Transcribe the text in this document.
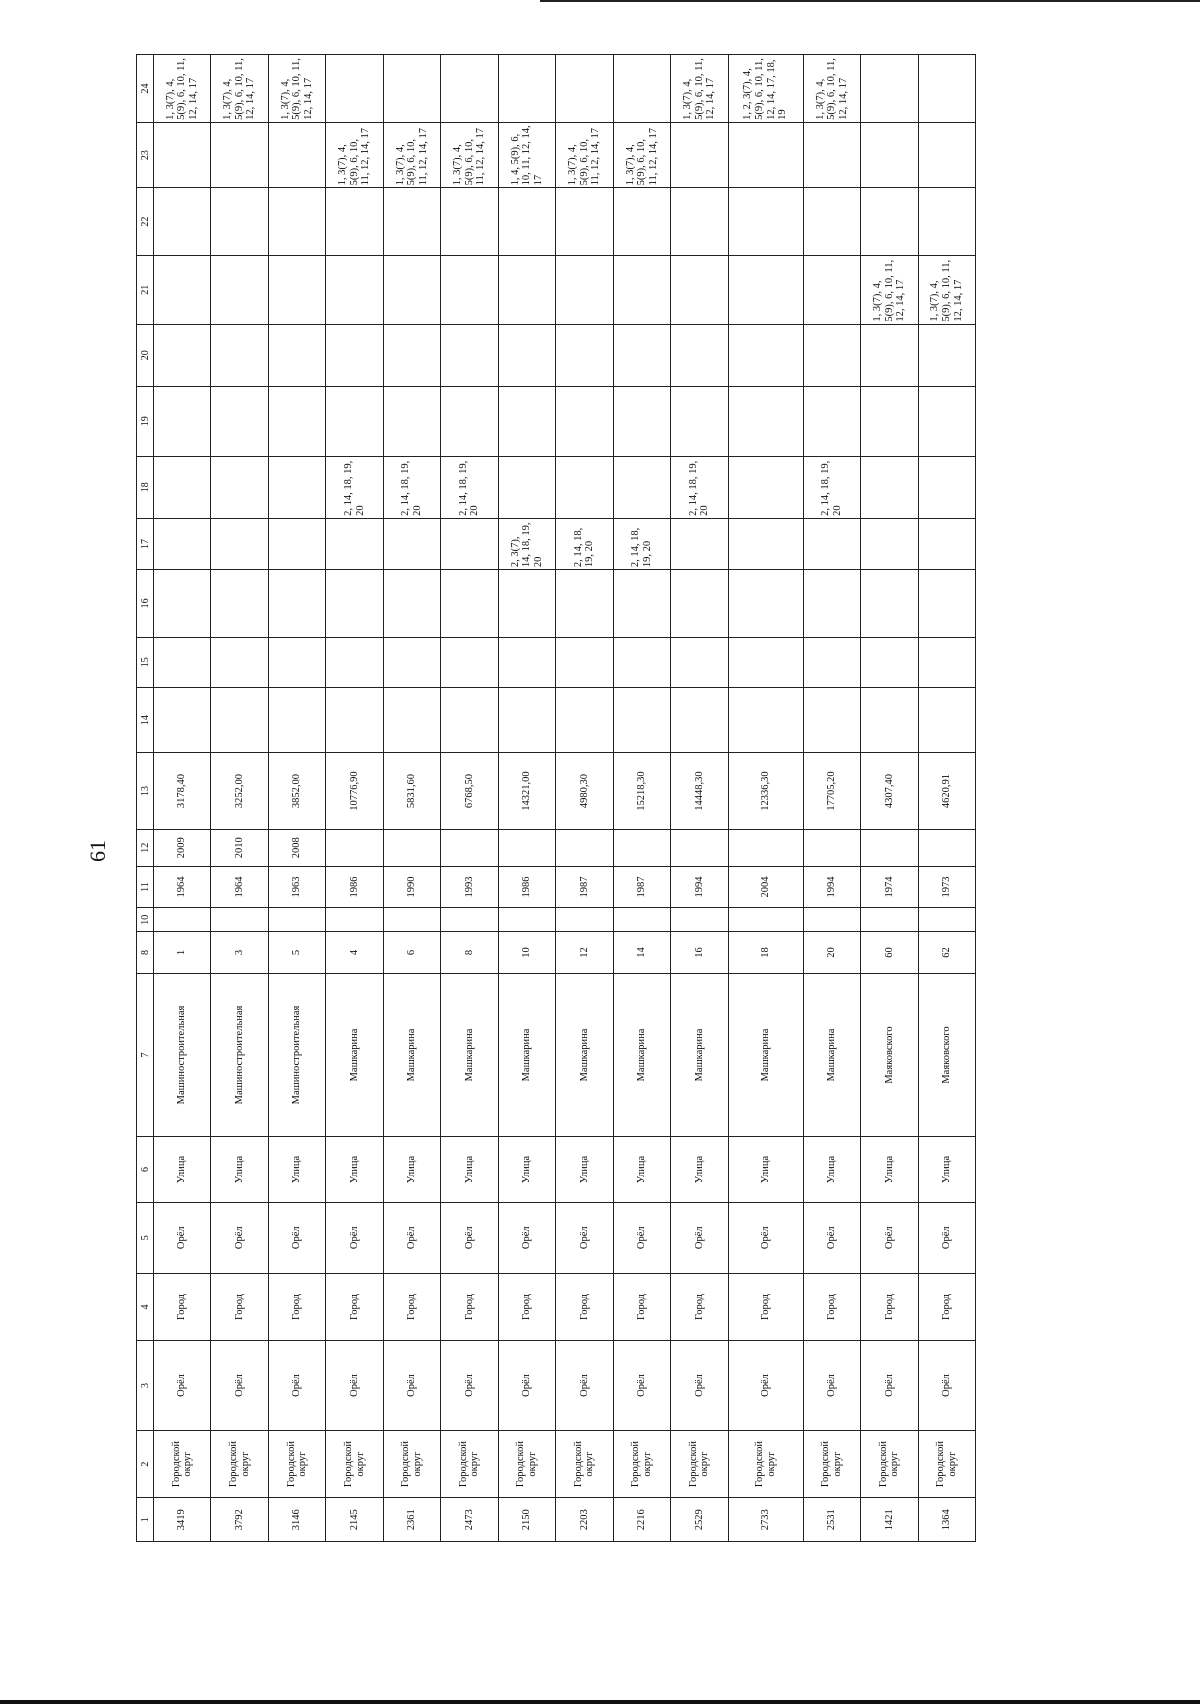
61
1	2	3	4	5	6	7	8	10	11	12	13	14	15	16	17	18	19	20	21	22	23	24
3419	Городской округ	Орёл	Город	Орёл	Улица	Машиностроительная	1		1964	2009	3178,40											1, 3(7), 4, 5(9), 6, 10, 11, 12, 14, 17
3792	Городской округ	Орёл	Город	Орёл	Улица	Машиностроительная	3		1964	2010	3252,00											1, 3(7), 4, 5(9), 6, 10, 11, 12, 14, 17
3146	Городской округ	Орёл	Город	Орёл	Улица	Машиностроительная	5		1963	2008	3852,00											1, 3(7), 4, 5(9), 6, 10, 11, 12, 14, 17
2145	Городской округ	Орёл	Город	Орёл	Улица	Машкарина	4		1986		10776,90					2, 14, 18, 19, 20					1, 3(7), 4, 5(9), 6, 10, 11, 12, 14, 17	
2361	Городской округ	Орёл	Город	Орёл	Улица	Машкарина	6		1990		5831,60					2, 14, 18, 19, 20					1, 3(7), 4, 5(9), 6, 10, 11, 12, 14, 17	
2473	Городской округ	Орёл	Город	Орёл	Улица	Машкарина	8		1993		6768,50					2, 14, 18, 19, 20					1, 3(7), 4, 5(9), 6, 10, 11, 12, 14, 17	
2150	Городской округ	Орёл	Город	Орёл	Улица	Машкарина	10		1986		14321,00				2, 3(7), 14, 18, 19, 20						1, 4, 5(9), 6, 10, 11, 12, 14, 17	
2203	Городской округ	Орёл	Город	Орёл	Улица	Машкарина	12		1987		4980,30				2, 14, 18, 19, 20						1, 3(7), 4, 5(9), 6, 10, 11, 12, 14, 17	
2216	Городской округ	Орёл	Город	Орёл	Улица	Машкарина	14		1987		15218,30				2, 14, 18, 19, 20						1, 3(7), 4, 5(9), 6, 10, 11, 12, 14, 17	
2529	Городской округ	Орёл	Город	Орёл	Улица	Машкарина	16		1994		14448,30					2, 14, 18, 19, 20						1, 3(7), 4, 5(9), 6, 10, 11, 12, 14, 17
2733	Городской округ	Орёл	Город	Орёл	Улица	Машкарина	18		2004		12336,30											1, 2, 3(7), 4, 5(9), 6, 10, 11, 12, 14, 17, 18, 19
2531	Городской округ	Орёл	Город	Орёл	Улица	Машкарина	20		1994		17705,20					2, 14, 18, 19, 20						1, 3(7), 4, 5(9), 6, 10, 11, 12, 14, 17
1421	Городской округ	Орёл	Город	Орёл	Улица	Маяковского	60		1974		4307,40								1, 3(7), 4, 5(9), 6, 10, 11, 12, 14, 17			
1364	Городской округ	Орёл	Город	Орёл	Улица	Маяковского	62		1973		4620,91								1, 3(7), 4, 5(9), 6, 10, 11, 12, 14, 17			
